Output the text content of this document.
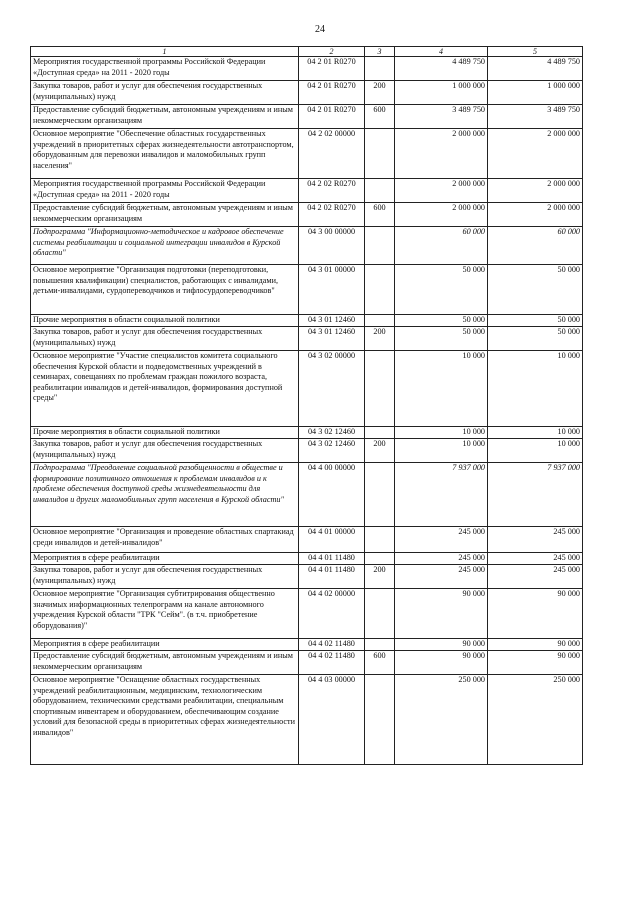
24
1	2	3	4	5
Мероприятия государственной программы Российской Федерации «Доступная среда» на 2011 - 2020 годы	04 2 01 R0270		4 489 750	4 489 750
Закупка товаров, работ и услуг для обеспечения государственных (муниципальных) нужд	04 2 01 R0270	200	1 000 000	1 000 000
Предоставление субсидий бюджетным, автономным учреждениям и иным некоммерческим организациям	04 2 01 R0270	600	3 489 750	3 489 750
Основное мероприятие "Обеспечение областных государственных учреждений в приоритетных сферах жизнедеятельности автотранспортом, оборудованным для перевозки инвалидов и маломобильных групп населения"	04 2 02 00000		2 000 000	2 000 000
Мероприятия государственной программы Российской Федерации «Доступная среда» на 2011 - 2020 годы	04 2 02 R0270		2 000 000	2 000 000
Предоставление субсидий бюджетным, автономным учреждениям и иным некоммерческим организациям	04 2 02 R0270	600	2 000 000	2 000 000
Подпрограмма "Информационно-методическое и кадровое обеспечение системы реабилитации и социальной интеграции инвалидов в Курской области"	04 3 00 00000		60 000	60 000
Основное мероприятие "Организация подготовки (переподготовки, повышения квалификации) специалистов, работающих с инвалидами, детьми-инвалидами, сурдопереводчиков и тифлосурдопереводчиков"	04 3 01 00000		50 000	50 000
Прочие мероприятия в области социальной политики	04 3 01 12460		50 000	50 000
Закупка товаров, работ и услуг для обеспечения государственных (муниципальных) нужд	04 3 01 12460	200	50 000	50 000
Основное мероприятие "Участие специалистов комитета социального обеспечения Курской области и подведомственных учреждений в семинарах, совещаниях по проблемам граждан пожилого возраста, реабилитации инвалидов и детей-инвалидов, формирования доступной среды"	04 3 02 00000		10 000	10 000
Прочие мероприятия в области социальной политики	04 3 02 12460		10 000	10 000
Закупка товаров, работ и услуг для обеспечения государственных (муниципальных) нужд	04 3 02 12460	200	10 000	10 000
Подпрограмма "Преодоление социальной разобщенности в обществе и формирование позитивного отношения к проблемам инвалидов и к проблеме обеспечения доступной среды жизнедеятельности для инвалидов и других маломобильных групп населения в Курской области"	04 4 00 00000		7 937 000	7 937 000
Основное мероприятие "Организация и проведение областных спартакиад среди инвалидов и детей-инвалидов"	04 4 01 00000		245 000	245 000
Мероприятия в сфере реабилитации	04 4 01 11480		245 000	245 000
Закупка товаров, работ и услуг для обеспечения государственных (муниципальных) нужд	04 4 01 11480	200	245 000	245 000
Основное мероприятие "Организация субтитрирования общественно значимых информационных телепрограмм на канале автономного учреждения Курской области "ТРК "Сейм". (в т.ч. приобретение оборудования)"	04 4 02 00000		90 000	90 000
Мероприятия в сфере реабилитации	04 4 02 11480		90 000	90 000
Предоставление субсидий бюджетным, автономным учреждениям и иным некоммерческим организациям	04 4 02 11480	600	90 000	90 000
Основное мероприятие "Оснащение областных государственных учреждений реабилитационным, медицинским, технологическим оборудованием, техническими средствами реабилитации, специальным спортивным инвентарем и оборудованием, обеспечивающим создание условий для безопасной среды в приоритетных сферах жизнедеятельности инвалидов"	04 4 03 00000		250 000	250 000
